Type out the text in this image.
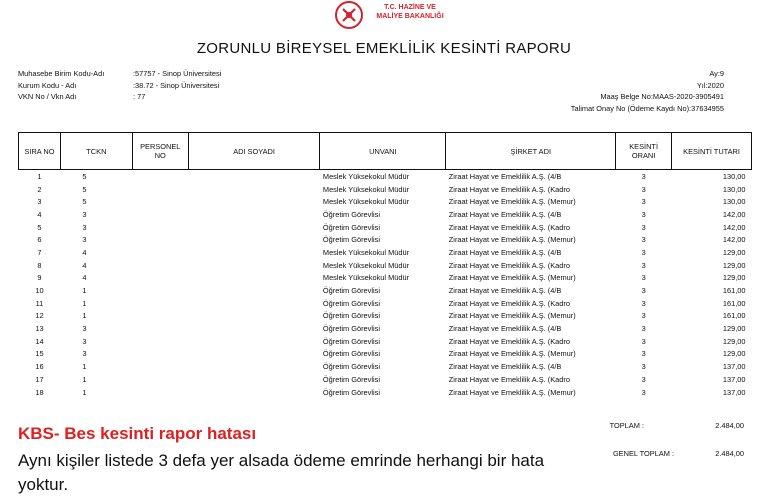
T.C. HAZİNE VE
MALİYE BAKANLIĞI
ZORUNLU BİREYSEL EMEKLİLİK KESİNTİ RAPORU
Muhasebe Birim Kodu-Adı	:57757 - Sinop Üniversitesi
Kurum Kodu - Adı	:38.72 - Sinop Üniversitesi
VKN No / Vkn Adı	: 77
Ay:9
Yıl:2020
Maaş Belge No:MAAS-2020-3905491
Talimat Onay No (Ödeme Kaydı No):37634955
SIRA NO	TCKN	PERSONEL NO	ADI SOYADI	UNVANI	ŞİRKET ADI	KESİNTİ ORANI	KESİNTİ TUTARI
1	5			Meslek Yüksekokul Müdür	Ziraat Hayat ve Emeklilik A.Ş. (4/B	3	130,00
2	5			Meslek Yüksekokul Müdür	Ziraat Hayat ve Emeklilik A.Ş. (Kadro	3	130,00
3	5			Meslek Yüksekokul Müdür	Ziraat Hayat ve Emeklilik A.Ş. (Memur)	3	130,00
4	3			Öğretim Görevlisi	Ziraat Hayat ve Emeklilik A.Ş. (4/B	3	142,00
5	3			Öğretim Görevlisi	Ziraat Hayat ve Emeklilik A.Ş. (Kadro	3	142,00
6	3			Öğretim Görevlisi	Ziraat Hayat ve Emeklilik A.Ş. (Memur)	3	142,00
7	4			Meslek Yüksekokul Müdür	Ziraat Hayat ve Emeklilik A.Ş. (4/B	3	129,00
8	4			Meslek Yüksekokul Müdür	Ziraat Hayat ve Emeklilik A.Ş. (Kadro	3	129,00
9	4			Meslek Yüksekokul Müdür	Ziraat Hayat ve Emeklilik A.Ş. (Memur)	3	129,00
10	1			Öğretim Görevlisi	Ziraat Hayat ve Emeklilik A.Ş. (4/B	3	161,00
11	1			Öğretim Görevlisi	Ziraat Hayat ve Emeklilik A.Ş. (Kadro	3	161,00
12	1			Öğretim Görevlisi	Ziraat Hayat ve Emeklilik A.Ş. (Memur)	3	161,00
13	3			Öğretim Görevlisi	Ziraat Hayat ve Emeklilik A.Ş. (4/B	3	129,00
14	3			Öğretim Görevlisi	Ziraat Hayat ve Emeklilik A.Ş. (Kadro	3	129,00
15	3			Öğretim Görevlisi	Ziraat Hayat ve Emeklilik A.Ş. (Memur)	3	129,00
16	1			Öğretim Görevlisi	Ziraat Hayat ve Emeklilik A.Ş. (4/B	3	137,00
17	1			Öğretim Görevlisi	Ziraat Hayat ve Emeklilik A.Ş. (Kadro	3	137,00
18	1			Öğretim Görevlisi	Ziraat Hayat ve Emeklilik A.Ş. (Memur)	3	137,00
TOPLAM :	2.484,00
GENEL TOPLAM :	2.484,00
KBS- Bes kesinti rapor hatası
Aynı kişiler listede 3 defa yer alsada ödeme emrinde herhangi bir hata yoktur.
